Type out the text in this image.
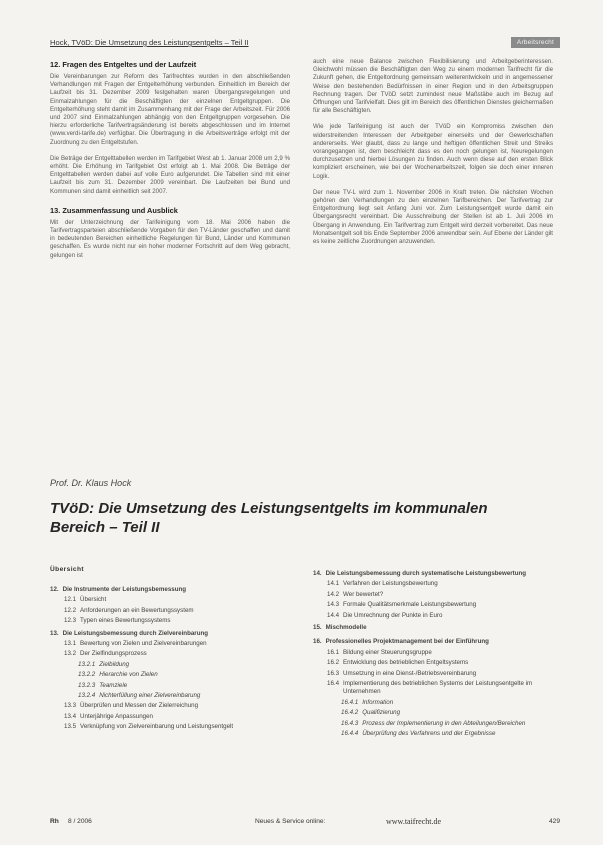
Hock, TVöD: Die Umsetzung des Leistungsentgelts – Teil II	Arbeitsrecht
12. Fragen des Entgeltes und der Laufzeit

Die Vereinbarungen zur Reform des Tarifrechtes wurden in den abschließenden Verhandlungen mit Fragen der Entgelterhöhung verbunden. Einheitlich im Bereich der Laufzeit bis 31. Dezember 2009 festgehalten waren Übergangsregelungen und Einmalzahlungen für die Beschäftigten der einzelnen Entgeltgruppen. Die Entgelterhöhung steht damit im Zusammenhang mit der Frage der Arbeitszeit. Für 2006 und 2007 sind Einmalzahlungen abhängig von den Entgeltgruppen vorgesehen. Die hierzu erforderliche Tarifvertragsänderung ist bereits abgeschlossen und im Internet (www.verdi-tarife.de) verfügbar. Die Übertragung in die Arbeitsverträge erfolgt mit der Zuordnung zu den Entgeltstufen.

Die Beträge der Entgelttabellen werden im Tarifgebiet West ab 1. Januar 2008 um 2,9 % erhöht. Die Erhöhung im Tarifgebiet Ost erfolgt ab 1. Mai 2008. Die Beträge der Entgelttabellen werden dabei auf volle Euro aufgerundet. Die Tabellen sind mit einer Laufzeit bis zum 31. Dezember 2009 vereinbart. Die Laufzeiten bei Bund und Kommunen sind damit einheitlich seit 2007.

13. Zusammenfassung und Ausblick

Mit der Unterzeichnung der Tarifeinigung vom 18. Mai 2006 haben die Tarifvertragsparteien abschließende Vorgaben für den TV-Länder geschaffen und damit in bedeutenden Bereichen einheitliche Regelungen für Bund, Länder und Kommunen geschaffen. Es wurde nicht nur ein hoher moderner Fortschritt auf dem Weg gebracht, gelungen ist

auch eine neue Balance zwischen Flexibilisierung und Arbeitgeberinteressen. Gleichwohl müssen die Beschäftigten den Weg zu einem modernen Tarifrecht für die Zukunft gehen, die Entgeltordnung gemeinsam weiterentwickeln und in angemessener Weise den bestehenden Bedürfnissen in einer Region und in den Arbeitsgruppen Rechnung tragen. Der TVöD setzt zumindest neue Maßstäbe auch im Bezug auf Öffnungen und Tarifvielfalt. Dies gilt im Bereich des öffentlichen Dienstes gleichermaßen für alle Beschäftigten.

Wie jede Tarifeinigung ist auch der TVöD ein Kompromiss zwischen den widerstreitenden Interessen der Arbeitgeber einerseits und der Gewerkschaften andererseits. Wer glaubt, dass zu lange und heftigen öffentlichen Streit und Streiks vorangegangen ist, dem beschleicht dass es den noch gelungen ist, Neuregelungen durchzusetzen und hierbei Lösungen zu finden. Auch wenn diese auf den ersten Blick kompliziert erscheinen, wie bei der Wochenarbeitszeit, folgen sie doch einer inneren Logik.

Der neue TV-L wird zum 1. November 2006 in Kraft treten. Die nächsten Wochen gehören den Verhandlungen zu den einzelnen Tarifbereichen. Der Tarifvertrag zur Entgeltordnung liegt seit Anfang Juni vor. Zum Leistungsentgelt wurde damit ein Übergangsrecht vereinbart. Die Ausschreibung der Stellen ist ab 1. Juli 2006 im Übergang in Anwendung. Ein Tarifvertrag zum Entgelt wird derzeit vorbereitet. Das neue Monatsentgelt soll bis Ende September 2006 anwendbar sein. Auf Ebene der Länder gilt es keine zeitliche Zuordnungen anzuwenden.

Prof. Dr. Klaus Hock
TVöD: Die Umsetzung des Leistungsentgelts im kommunalen
Bereich – Teil II
Übersicht
12. Die Instrumente der Leistungsbemessung
12.1 Übersicht
12.2 Anforderungen an ein Bewertungssystem
12.3 Typen eines Bewertungssystems
13. Die Leistungsbemessung durch Zielvereinbarung
13.1 Bewertung von Zielen und Zielvereinbarungen
13.2 Der Zielfindungsprozess
13.2.1 Zielbildung
13.2.2 Hierarchie von Zielen
13.2.3 Teamziele
13.2.4 Nichterfüllung einer Zielvereinbarung
13.3 Überprüfen und Messen der Zielerreichung
13.4 Unterjährige Anpassungen
13.5 Verknüpfung von Zielvereinbarung und Leistungsentgelt
14. Die Leistungsbemessung durch systematische Leistungsbewertung
14.1 Verfahren der Leistungsbewertung
14.2 Wer bewertet?
14.3 Formale Qualitätsmerkmale Leistungsbewertung
14.4 Die Umrechnung der Punkte in Euro
15. Mischmodelle
16. Professionelles Projektmanagement bei der Einführung
16.1 Bildung einer Steuerungsgruppe
16.2 Entwicklung des betrieblichen Entgeltsystems
16.3 Umsetzung in eine Dienst-/Betriebsvereinbarung
16.4 Implementierung des betrieblichen Systems der Leistungsentgelte im Unternehmen
16.4.1 Information
16.4.2 Qualifizierung
16.4.3 Prozess der Implementierung in den Abteilungen/Bereichen
16.4.4 Überprüfung des Verfahrens und der Ergebnisse
Rh 8 / 2006	Neues & Service online:	www.taifrecht.de	429
